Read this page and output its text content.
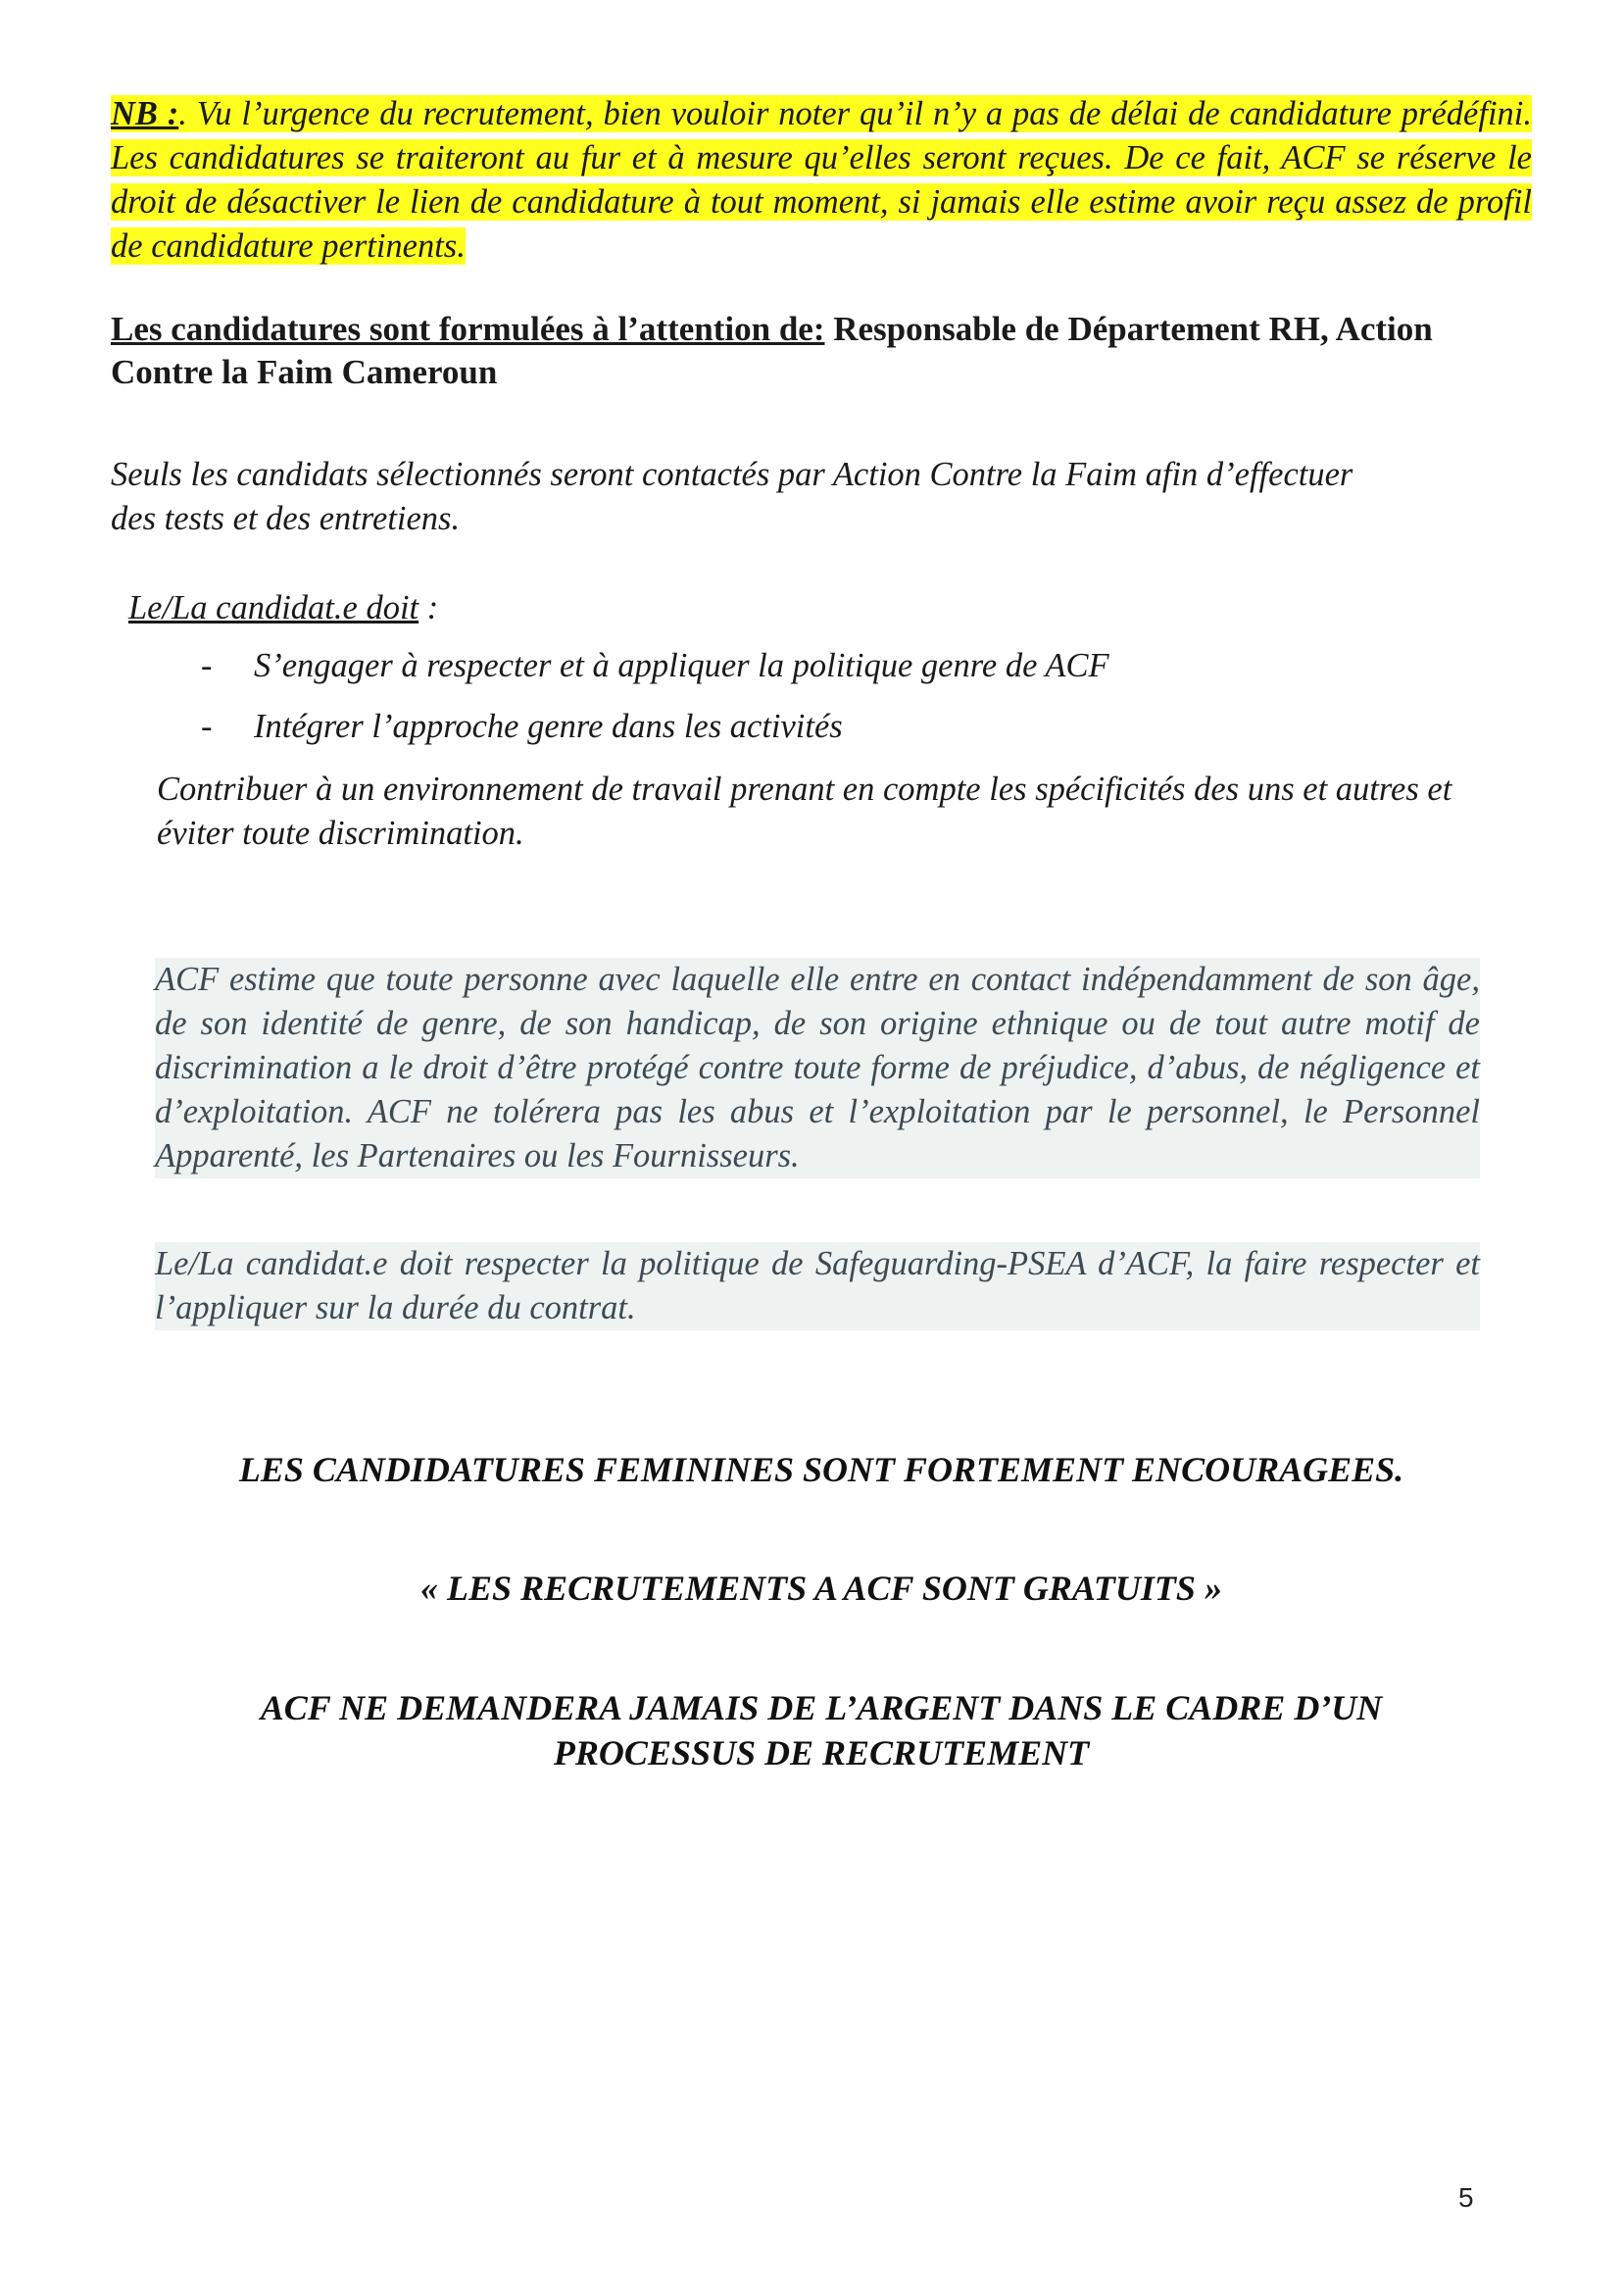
NB :. Vu l’urgence du recrutement, bien vouloir noter qu’il n’y a pas de délai de candidature prédéfini. Les candidatures se traiteront au fur et à mesure qu’elles seront reçues. De ce fait, ACF se réserve le droit de désactiver le lien de candidature à tout moment, si jamais elle estime avoir reçu assez de profil de candidature pertinents.
Les candidatures sont formulées à l’attention de: Responsable de Département RH, Action Contre la Faim Cameroun
Seuls les candidats sélectionnés seront contactés par Action Contre la Faim afin d’effectuer des tests et des entretiens.
Le/La candidat.e doit :
- S’engager à respecter et à appliquer la politique genre de ACF
- Intégrer l’approche genre dans les activités
Contribuer à un environnement de travail prenant en compte les spécificités des uns et autres et éviter toute discrimination.
ACF estime que toute personne avec laquelle elle entre en contact indépendamment de son âge, de son identité de genre, de son handicap, de son origine ethnique ou de tout autre motif de discrimination a le droit d’être protégé contre toute forme de préjudice, d’abus, de négligence et d’exploitation. ACF ne tolérera pas les abus et l’exploitation par le personnel, le Personnel Apparenté, les Partenaires ou les Fournisseurs.
Le/La candidat.e doit respecter la politique de Safeguarding-PSEA d’ACF, la faire respecter et l’appliquer sur la durée du contrat.
LES CANDIDATURES FEMININES SONT FORTEMENT ENCOURAGEES.
« LES RECRUTEMENTS A ACF SONT GRATUITS »
ACF NE DEMANDERA JAMAIS DE L’ARGENT DANS LE CADRE D’UN
PROCESSUS DE RECRUTEMENT
5
